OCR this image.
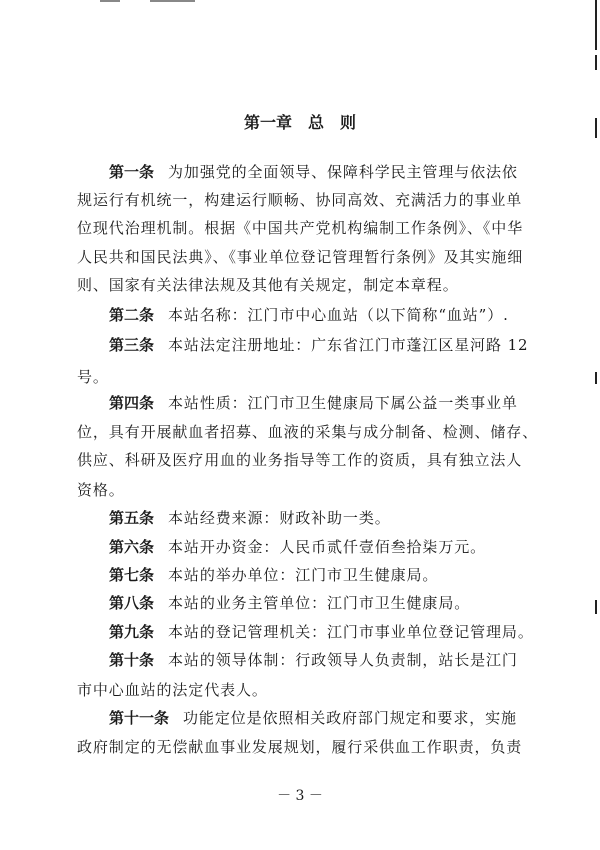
第一章　总　则
第一条 为加强党的全面领导、保障科学民主管理与依法依
规运行有机统一，构建运行顺畅、协同高效、充满活力的事业单
位现代治理机制。根据《中国共产党机构编制工作条例》、《中华
人民共和国民法典》、《事业单位登记管理暂行条例》及其实施细
则、国家有关法律法规及其他有关规定，制定本章程。
第二条 本站名称：江门市中心血站（以下简称“血站”）.
第三条 本站法定注册地址：广东省江门市蓬江区星河路 12
号。
第四条 本站性质：江门市卫生健康局下属公益一类事业单
位，具有开展献血者招募、血液的采集与成分制备、检测、储存、
供应、科研及医疗用血的业务指导等工作的资质，具有独立法人
资格。
第五条 本站经费来源：财政补助一类。
第六条 本站开办资金：人民币贰仟壹佰叁拾柒万元。
第七条 本站的举办单位：江门市卫生健康局。
第八条 本站的业务主管单位：江门市卫生健康局。
第九条 本站的登记管理机关：江门市事业单位登记管理局。
第十条 本站的领导体制：行政领导人负责制，站长是江门
市中心血站的法定代表人。
第十一条 功能定位是依照相关政府部门规定和要求，实施
政府制定的无偿献血事业发展规划，履行采供血工作职责，负责
－ 3 －
